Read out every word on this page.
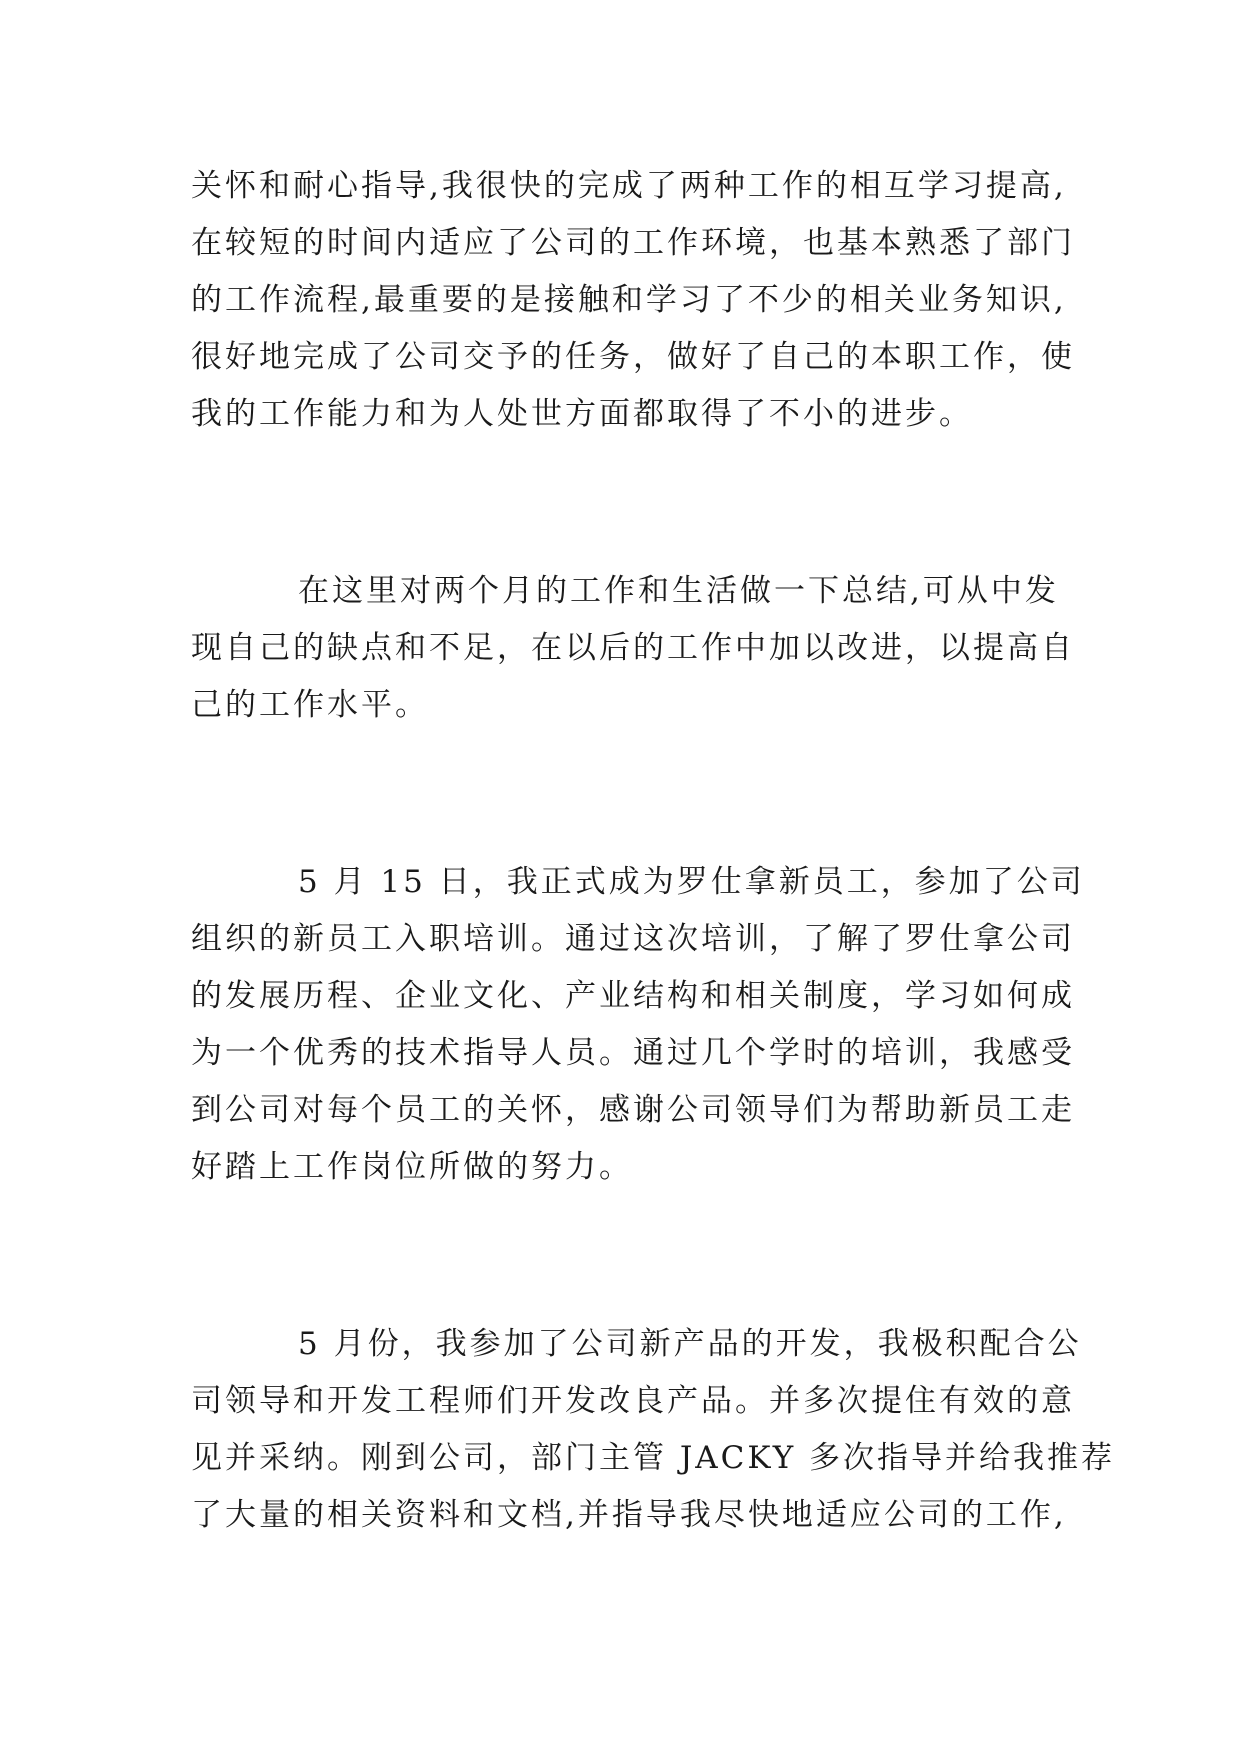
关怀和耐心指导,我很快的完成了两种工作的相互学习提高,
在较短的时间内适应了公司的工作环境，也基本熟悉了部门
的工作流程,最重要的是接触和学习了不少的相关业务知识,
很好地完成了公司交予的任务，做好了自己的本职工作，使
我的工作能力和为人处世方面都取得了不小的进步。
在这里对两个月的工作和生活做一下总结,可从中发
现自己的缺点和不足，在以后的工作中加以改进，以提高自
己的工作水平。
5 月 15 日，我正式成为罗仕拿新员工，参加了公司
组织的新员工入职培训。通过这次培训，了解了罗仕拿公司
的发展历程、企业文化、产业结构和相关制度，学习如何成
为一个优秀的技术指导人员。通过几个学时的培训，我感受
到公司对每个员工的关怀，感谢公司领导们为帮助新员工走
好踏上工作岗位所做的努力。
5 月份，我参加了公司新产品的开发，我极积配合公
司领导和开发工程师们开发改良产品。并多次提住有效的意
见并采纳。刚到公司，部门主管 JACKY 多次指导并给我推荐
了大量的相关资料和文档,并指导我尽快地适应公司的工作,
